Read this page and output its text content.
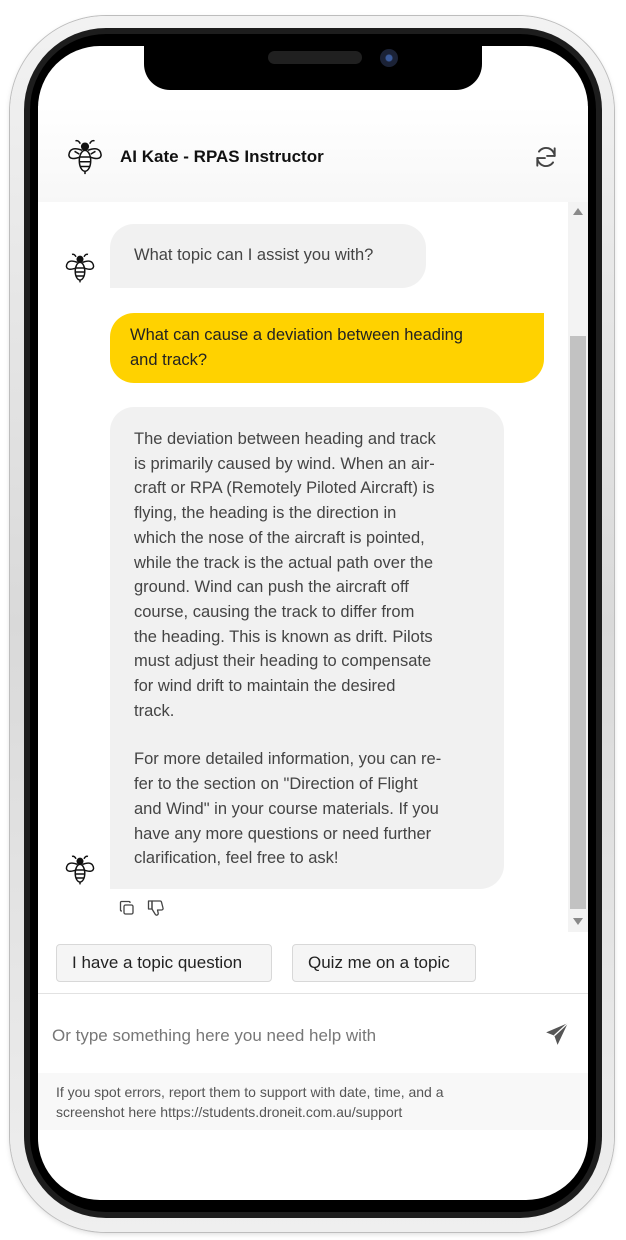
AI Kate - RPAS Instructor
What topic can I assist you with?
What can cause a deviation between heading
and track?
The deviation between heading and track
is primarily caused by wind. When an air-
craft or RPA (Remotely Piloted Aircraft) is
flying, the heading is the direction in
which the nose of the aircraft is pointed,
while the track is the actual path over the
ground. Wind can push the aircraft off
course, causing the track to differ from
the heading. This is known as drift. Pilots
must adjust their heading to compensate
for wind drift to maintain the desired
track.
For more detailed information, you can re-
fer to the section on "Direction of Flight
and Wind" in your course materials. If you
have any more questions or need further
clarification, feel free to ask!
I have a topic question	Quiz me on a topic
Or type something here you need help with
If you spot errors, report them to support with date, time, and a
screenshot here https://students.droneit.com.au/support
